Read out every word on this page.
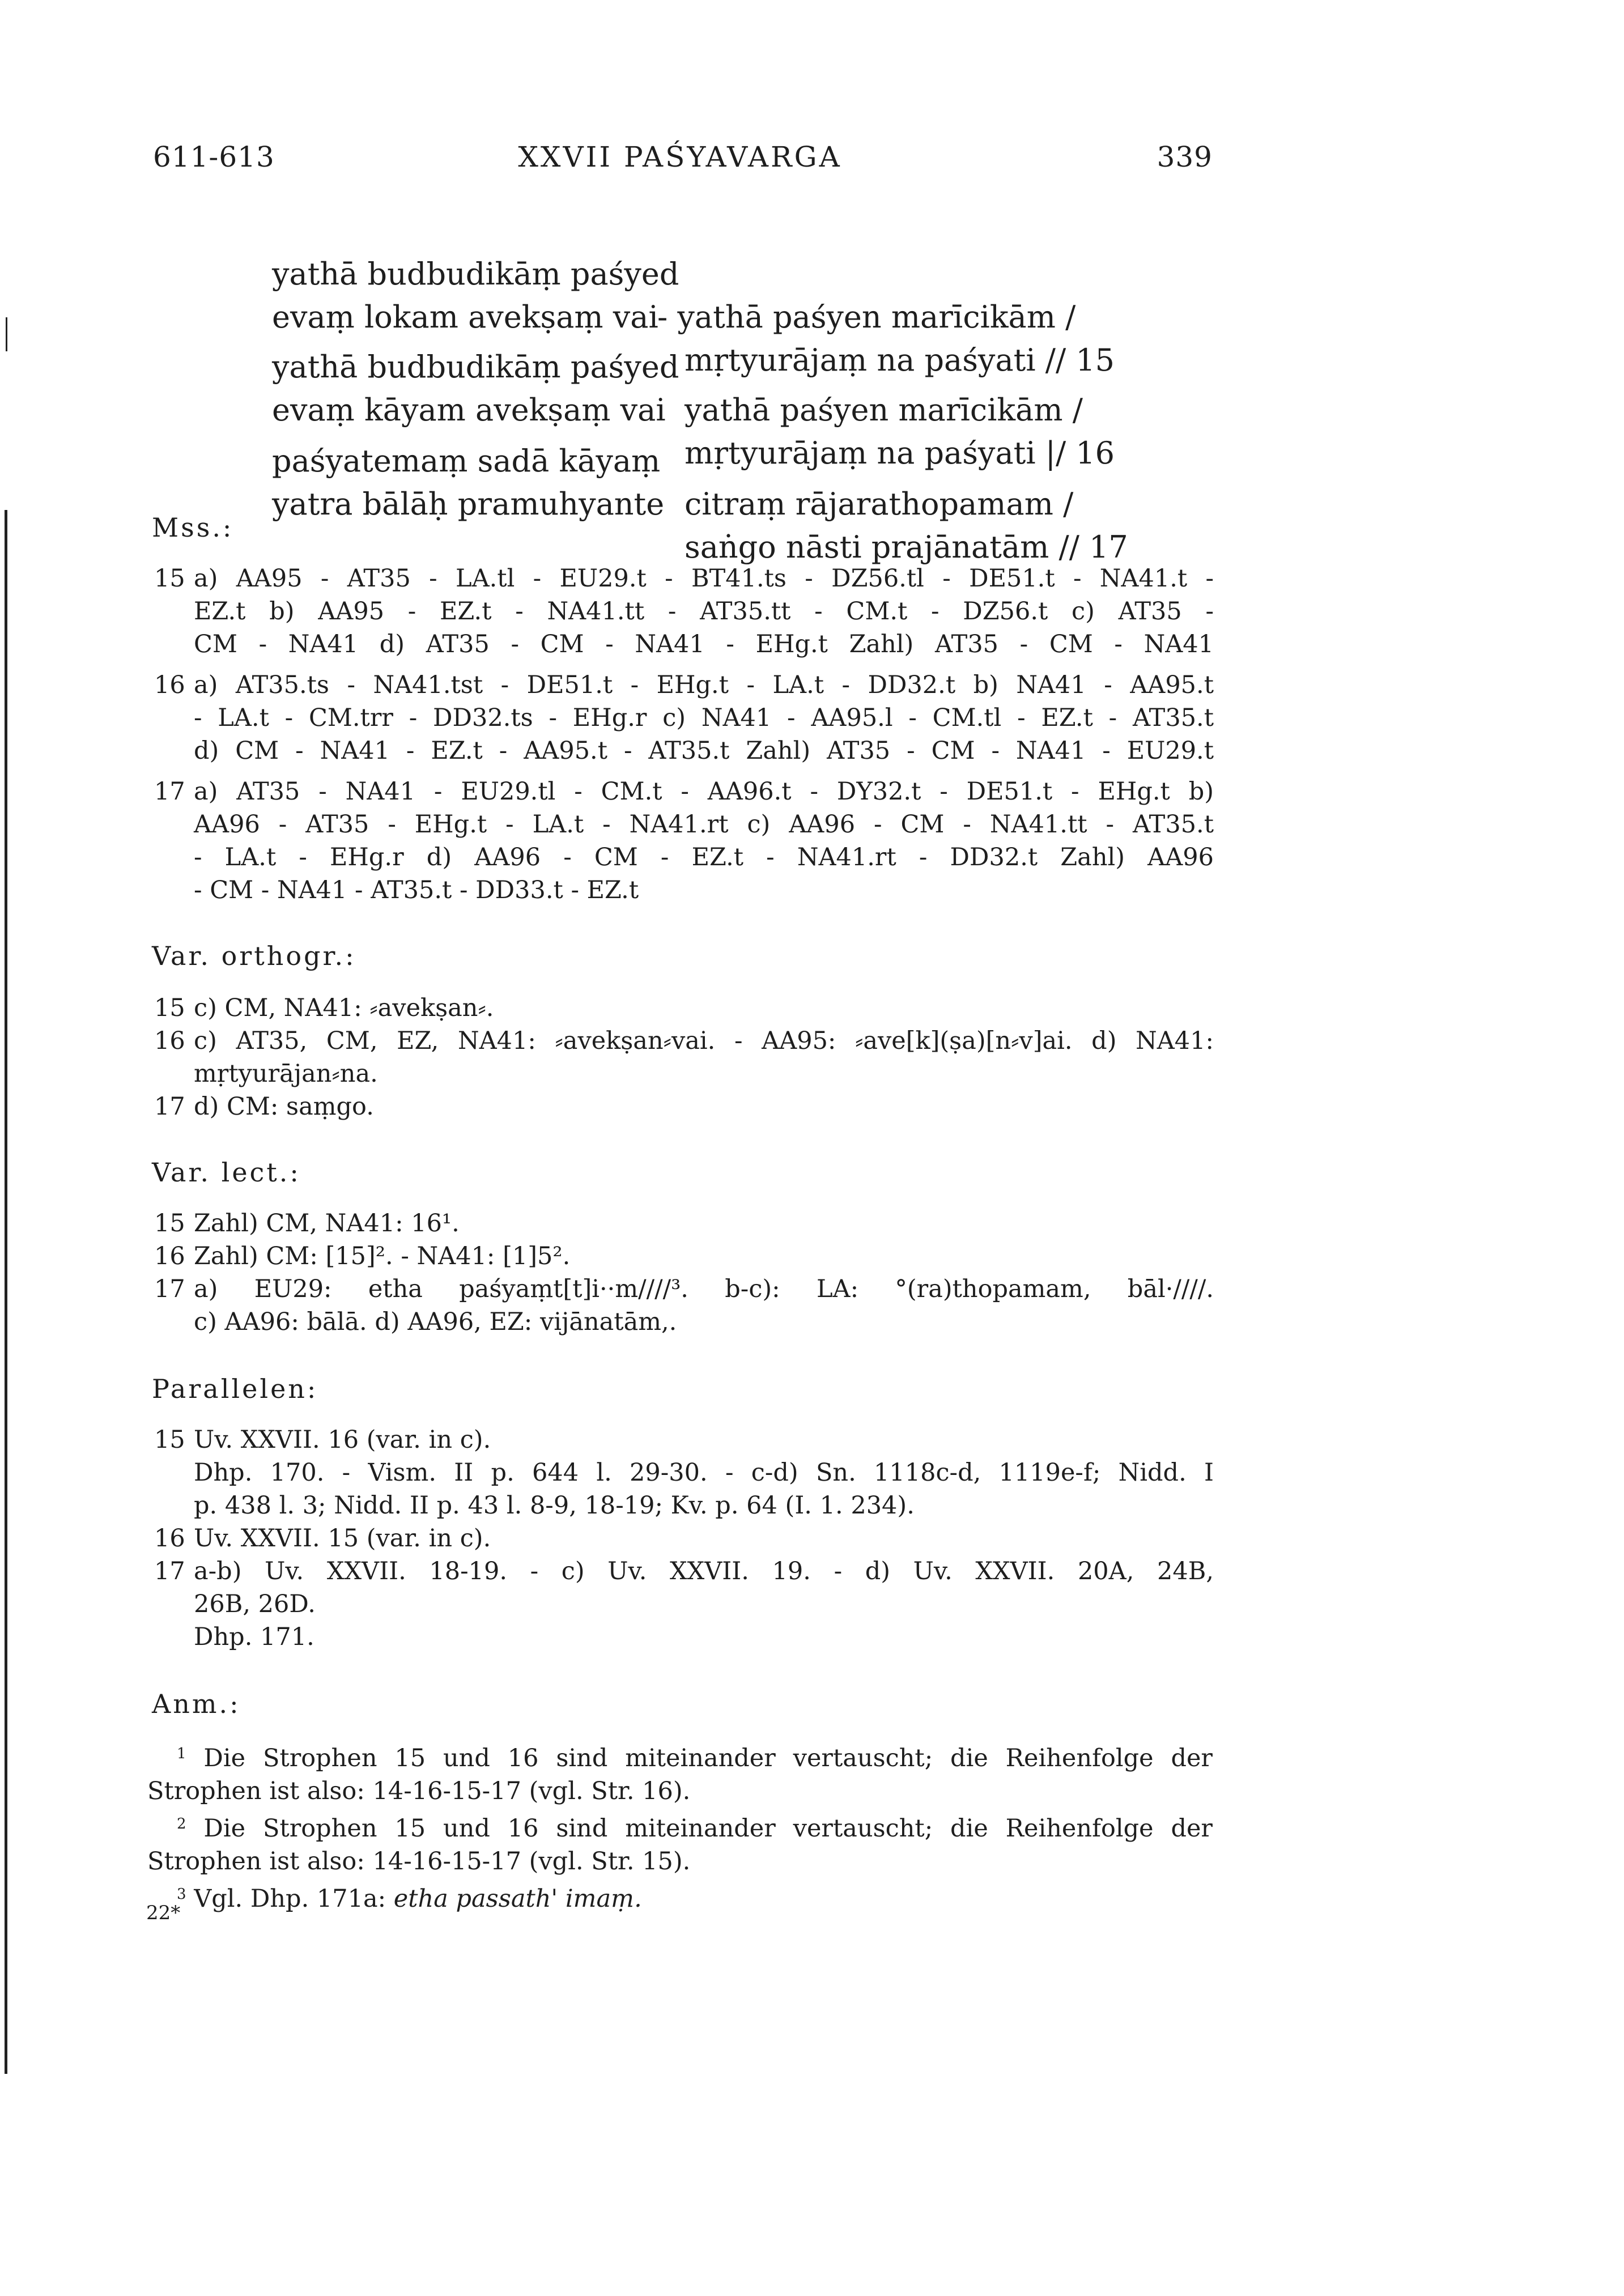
611-613	XXVII PAŚYAVARGA	339

yathā budbudikāṃ paśyed

- yathā paśyen marīcikām /

evaṃ lokam avekṣaṃ vai

mṛtyurājaṃ na paśyati // 15

yathā budbudikāṃ paśyed

yathā paśyen marīcikām /

evaṃ kāyam avekṣaṃ vai

mṛtyurājaṃ na paśyati |/ 16

paśyatemaṃ sadā kāyaṃ

citraṃ rājarathopamam /

yatra bālāḥ pramuhyante

saṅgo nāsti prajānatām // 17

Mss.:
15 a) AA95 - AT35 - LA.tl - EU29.t - BT41.ts - DZ56.tl - DE51.t - NA41.t -
EZ.t b) AA95 - EZ.t - NA41.tt - AT35.tt - CM.t - DZ56.t c) AT35 -
CM - NA41 d) AT35 - CM - NA41 - EHg.t Zahl) AT35 - CM - NA41
16 a) AT35.ts - NA41.tst - DE51.t - EHg.t - LA.t - DD32.t b) NA41 - AA95.t
- LA.t - CM.trr - DD32.ts - EHg.r c) NA41 - AA95.l - CM.tl - EZ.t - AT35.t
d) CM - NA41 - EZ.t - AA95.t - AT35.t Zahl) AT35 - CM - NA41 - EU29.t
17 a) AT35 - NA41 - EU29.tl - CM.t - AA96.t - DY32.t - DE51.t - EHg.t b)
AA96 - AT35 - EHg.t - LA.t - NA41.rt c) AA96 - CM - NA41.tt - AT35.t
- LA.t - EHg.r d) AA96 - CM - EZ.t - NA41.rt - DD32.t Zahl) AA96
- CM - NA41 - AT35.t - DD33.t - EZ.t
Var. orthogr.:
15 c) CM, NA41: ⸗avekṣan⸗.
16 c) AT35, CM, EZ, NA41: ⸗avekṣan⸗vai. - AA95: ⸗ave[k](ṣa)[n⸗v]ai. d) NA41:
mṛtyurājan⸗na.
17 d) CM: saṃgo.
Var. lect.:
15 Zahl) CM, NA41: 16¹.
16 Zahl) CM: [15]². - NA41: [1]5².
17 a) EU29: etha paśyaṃt[t]i··m////³. b-c): LA: °(ra)thopamam, bāl·////.
c) AA96: bālā. d) AA96, EZ: vijānatām,.
Parallelen:
15 Uv. XXVII. 16 (var. in c).
Dhp. 170. - Vism. II p. 644 l. 29-30. - c-d) Sn. 1118c-d, 1119e-f; Nidd. I
p. 438 l. 3; Nidd. II p. 43 l. 8-9, 18-19; Kv. p. 64 (I. 1. 234).
16 Uv. XXVII. 15 (var. in c).
17 a-b) Uv. XXVII. 18-19. - c) Uv. XXVII. 19. - d) Uv. XXVII. 20A, 24B,
26B, 26D.
Dhp. 171.
Anm.:

$^1$ Die Strophen 15 und 16 sind miteinander vertauscht; die Reihenfolge der Strophen ist also: 14-16-15-17 (vgl. Str. 16).

$^2$ Die Strophen 15 und 16 sind miteinander vertauscht; die Reihenfolge der Strophen ist also: 14-16-15-17 (vgl. Str. 15).

$^3$ Vgl. Dhp. 171a: etha passath' imaṃ.

22*
